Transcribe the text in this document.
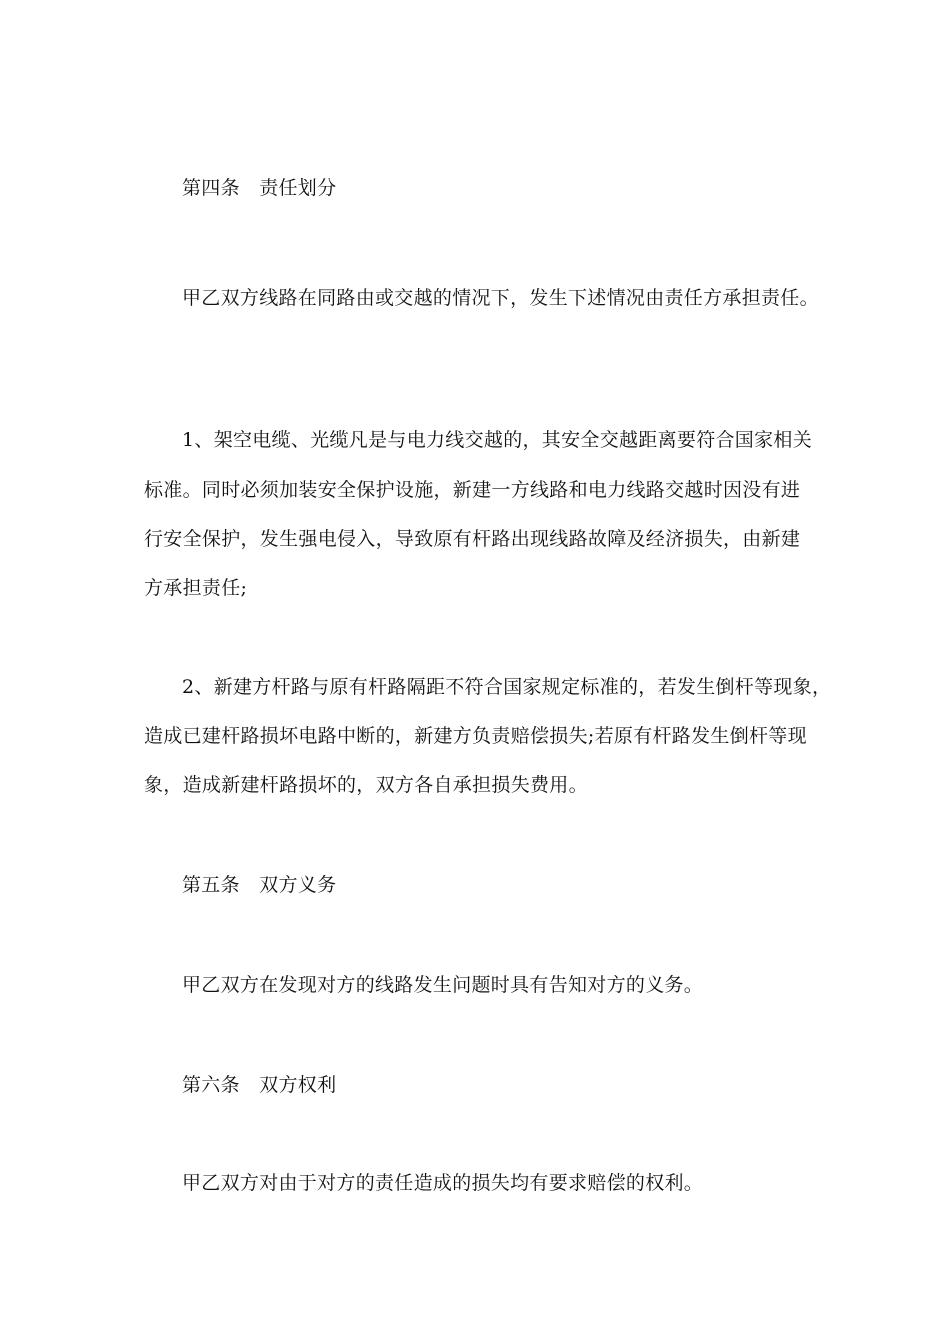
第四条　责任划分
甲乙双方线路在同路由或交越的情况下，发生下述情况由责任方承担责任。
1、架空电缆、光缆凡是与电力线交越的，其安全交越距离要符合国家相关
标准。同时必须加装安全保护设施，新建一方线路和电力线路交越时因没有进
行安全保护，发生强电侵入，导致原有杆路出现线路故障及经济损失，由新建
方承担责任;
2、新建方杆路与原有杆路隔距不符合国家规定标准的，若发生倒杆等现象，
造成已建杆路损坏电路中断的，新建方负责赔偿损失;若原有杆路发生倒杆等现
象，造成新建杆路损坏的，双方各自承担损失费用。
第五条　双方义务
甲乙双方在发现对方的线路发生问题时具有告知对方的义务。
第六条　双方权利
甲乙双方对由于对方的责任造成的损失均有要求赔偿的权利。
